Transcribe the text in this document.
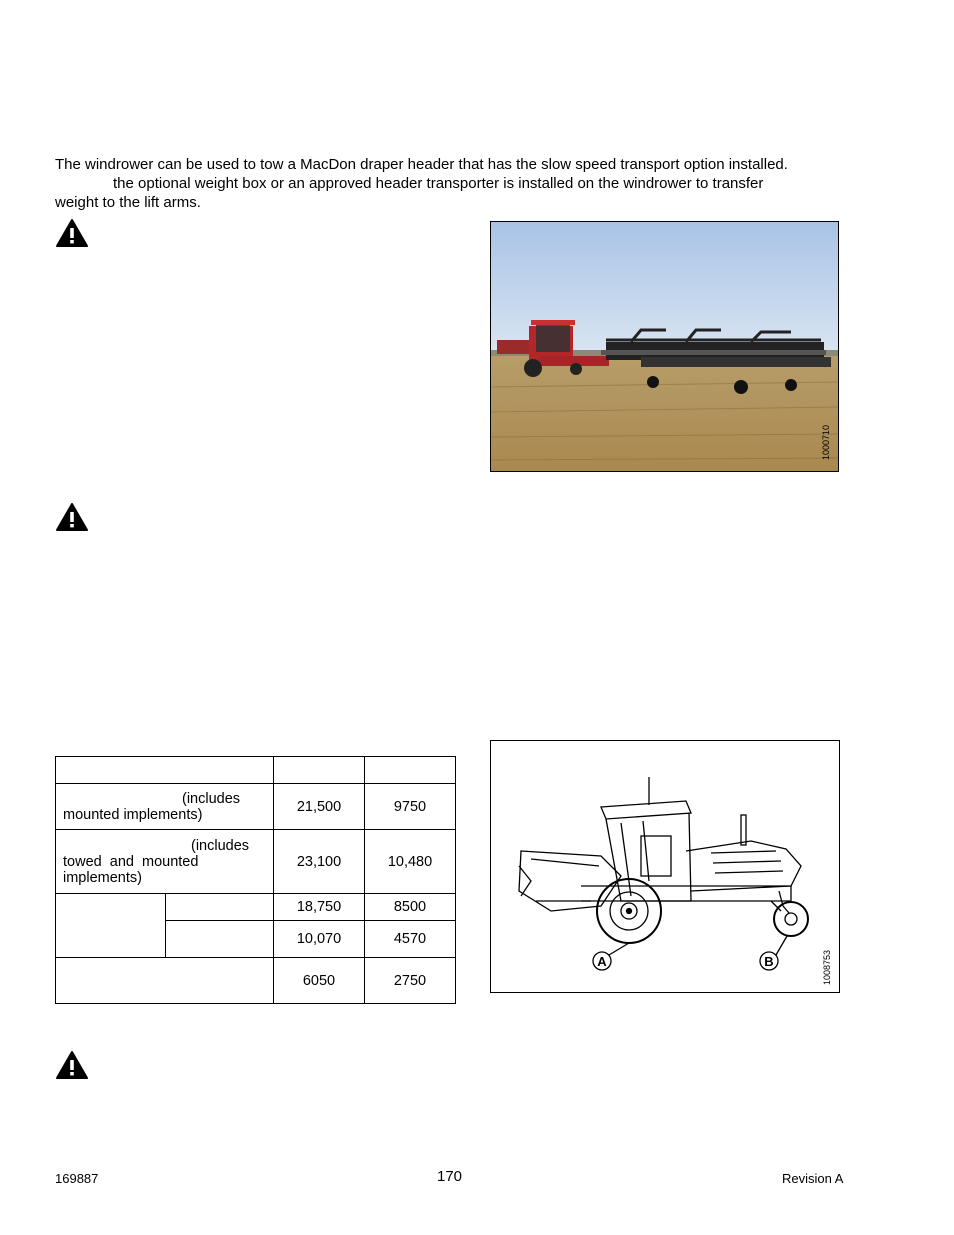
The windrower can be used to tow a MacDon draper header that has the slow speed transport option installed.
the optional weight box or an approved header transporter is installed on the windrower to transfer
weight to the lift arms.
1000710

(includes
mounted implements)		21,500	9750

(includes
towed  and  mounted
implements)		23,100	10,480
		18,750	8500
		10,070	4570
		6050	2750
A	B	1008753
169887	170	Revision A
